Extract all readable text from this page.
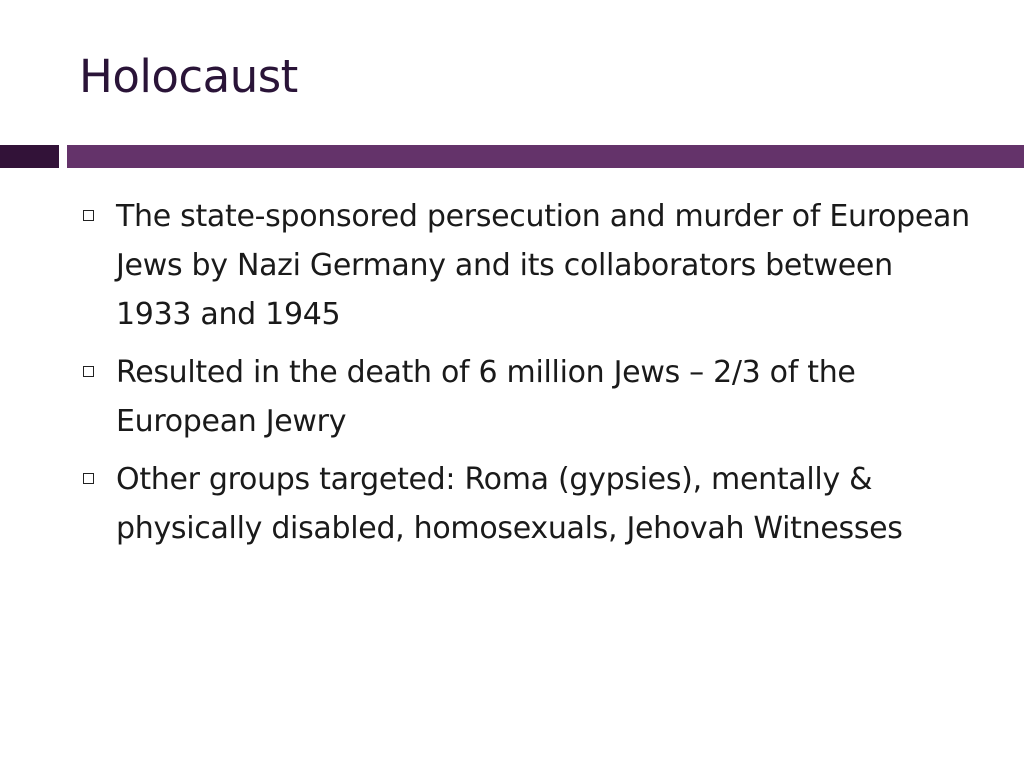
Holocaust
The state-sponsored persecution and murder of European Jews by Nazi Germany and its collaborators between 1933 and 1945
Resulted in the death of 6 million Jews – 2/3 of the European Jewry
Other groups targeted: Roma (gypsies), mentally & physically disabled, homosexuals, Jehovah Witnesses
